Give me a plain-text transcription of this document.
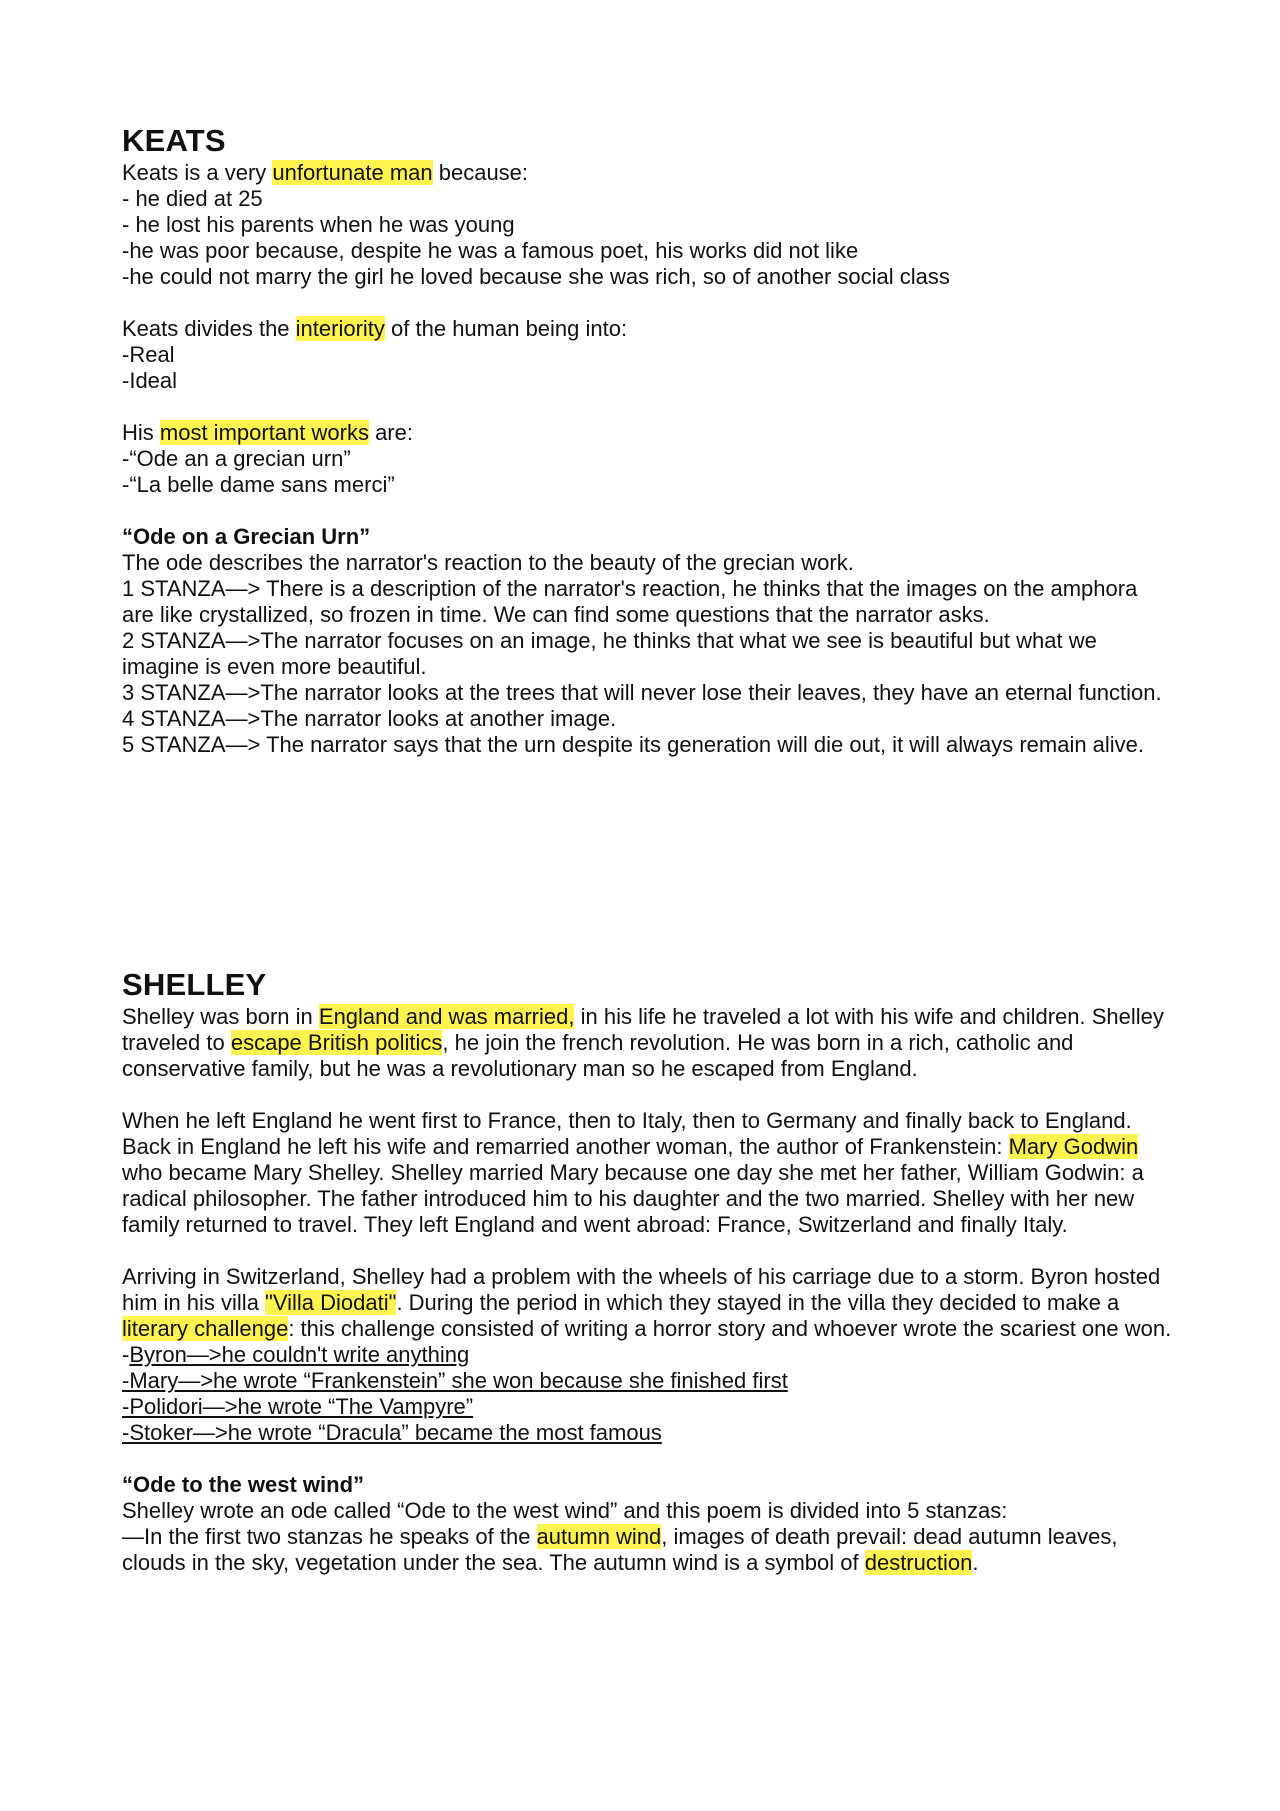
KEATS

Keats is a very unfortunate man because:

- he died at 25

- he lost his parents when he was young

-he was poor because, despite he was a famous poet, his works did not like

-he could not marry the girl he loved because she was rich, so of another social class

Keats divides the interiority of the human being into:

-Real

-Ideal

His most important works are:

-“Ode an a grecian urn”

-“La belle dame sans merci”

“Ode on a Grecian Urn”

The ode describes the narrator's reaction to the beauty of the grecian work.

1 STANZA—> There is a description of the narrator's reaction, he thinks that the images on the amphora are like crystallized, so frozen in time. We can find some questions that the narrator asks.

2 STANZA—>The narrator focuses on an image, he thinks that what we see is beautiful but what we imagine is even more beautiful.

3 STANZA—>The narrator looks at the trees that will never lose their leaves, they have an eternal function.

4 STANZA—>The narrator looks at another image.

5 STANZA—> The narrator says that the urn despite its generation will die out, it will always remain alive.

SHELLEY

Shelley was born in England and was married, in his life he traveled a lot with his wife and children. Shelley traveled to escape British politics, he join the french revolution. He was born in a rich, catholic and conservative family, but he was a revolutionary man so he escaped from England.

When he left England he went first to France, then to Italy, then to Germany and finally back to England. Back in England he left his wife and remarried another woman, the author of Frankenstein: Mary Godwin who became Mary Shelley. Shelley married Mary because one day she met her father, William Godwin: a radical philosopher. The father introduced him to his daughter and the two married. Shelley with her new family returned to travel. They left England and went abroad: France, Switzerland and finally Italy.

Arriving in Switzerland, Shelley had a problem with the wheels of his carriage due to a storm. Byron hosted him in his villa "Villa Diodati". During the period in which they stayed in the villa they decided to make a literary challenge: this challenge consisted of writing a horror story and whoever wrote the scariest one won.

-Byron—>he couldn't write anything

-Mary—>he wrote “Frankenstein” she won because she finished first

-Polidori—>he wrote “The Vampyre”

-Stoker—>he wrote “Dracula” became the most famous

“Ode to the west wind”

Shelley wrote an ode called “Ode to the west wind” and this poem is divided into 5 stanzas:

—In the first two stanzas he speaks of the autumn wind, images of death prevail: dead autumn leaves, clouds in the sky, vegetation under the sea. The autumn wind is a symbol of destruction.
